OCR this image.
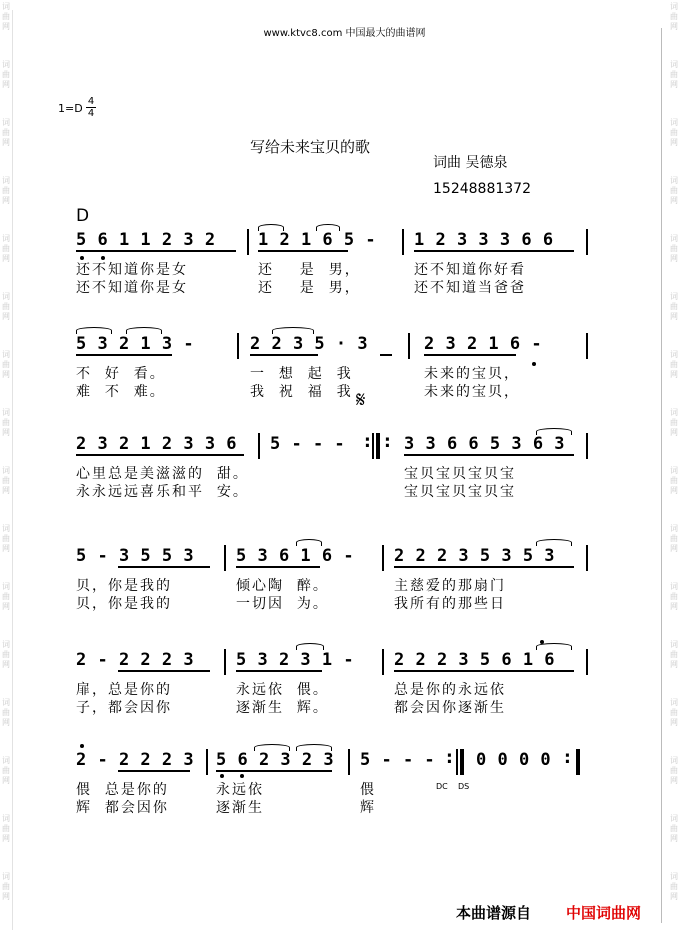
www.ktvc8.com 中国最大的曲谱网
词
曲
网
词
曲
网
词
曲
网
词
曲
网
词
曲
网
词
曲
网
词
曲
网
词
曲
网
词
曲
网
词
曲
网
词
曲
网
词
曲
网
词
曲
网
词
曲
网
词
曲
网
词
曲
网
词
曲
网
词
曲
网
词
曲
网
词
曲
网
词
曲
网
词
曲
网
词
曲
网
词
曲
网
词
曲
网
词
曲
网
词
曲
网
词
曲
网
词
曲
网
词
曲
网
词
曲
网
词
曲
网
$1=D \frac{4}{4}$
写给未来宝贝的歌
词曲 吴德泉
15248881372
D
5 6 1 1 2 3 2 1 2 1 6 5 - 1 2 3 3 3 6 6
还不知道你是女	还    是  男，	还不知道你好看
还不知道你是女	还    是  男，	还不知道当爸爸
5 3 2 1 3 -	2 2 3 5 · 3	2 3 2 1 6 -
不  好  看。	一  想  起  我	未来的宝贝，
难  不  难。	我  祝  福  我	未来的宝贝，
𝄋
2 3 2 1 2 3 3 6 5 - - - : : 3 3 6 6 5 3 6 3
心里总是美滋滋的  甜。	宝贝宝贝宝贝宝
永永远远喜乐和平  安。	宝贝宝贝宝贝宝
5 - 3 5 5 3 5 3 6 1 6 - 2 2 2 3 5 3 5 3
贝，你是我的	倾心陶  醉。	主慈爱的那扇门
贝，你是我的	一切因  为。	我所有的那些日
2 - 2 2 2 3 5 3 2 3 1 - 2 2 2 3 5 6 1 6
扉，总是你的	永远依  偎。	总是你的永远依
子，都会因你	逐渐生  辉。	都会因你逐渐生
2 - 2 2 2 3 5 6 2 3 2 3 5 - - - : 0 0 0 0 :
DC DS
偎  总是你的	永远依	偎
辉  都会因你	逐渐生	辉
本曲谱源自 中国词曲网
